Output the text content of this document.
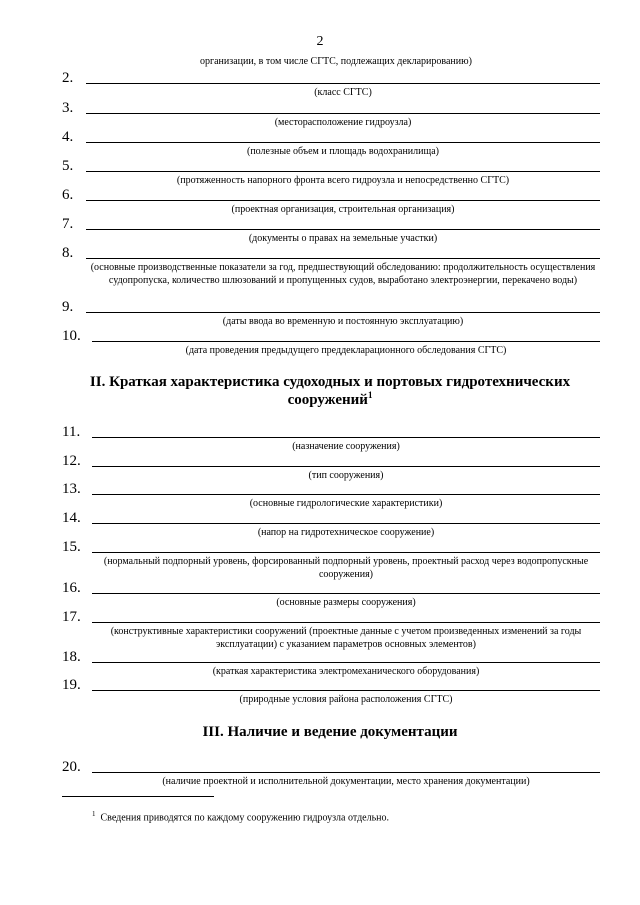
2
организации, в том числе СГТС, подлежащих декларированию)
2.
(класс СГТС)
3.
(месторасположение гидроузла)
4.
(полезные объем и площадь водохранилища)
5.
(протяженность напорного фронта всего гидроузла и непосредственно СГТС)
6.
(проектная организация, строительная организация)
7.
(документы о правах на земельные участки)
8.
(основные производственные показатели за год, предшествующий обследованию: продолжительность осуществления судопропуска, количество шлюзований и пропущенных судов, выработано электроэнергии, перекачено воды)
9.
(даты ввода во временную и постоянную эксплуатацию)
10.
(дата проведения предыдущего преддекларационного обследования СГТС)
II. Краткая характеристика судоходных и портовых гидротехнических
сооружений$^1$
11.
(назначение сооружения)
12.
(тип сооружения)
13.
(основные гидрологические характеристики)
14.
(напор на гидротехническое сооружение)
15.
(нормальный подпорный уровень, форсированный подпорный уровень, проектный расход через водопропускные сооружения)
16.
(основные размеры сооружения)
17.
(конструктивные характеристики сооружений (проектные данные с учетом произведенных изменений за годы эксплуатации) с указанием параметров основных элементов)
18.
(краткая характеристика электромеханического оборудования)
19.
(природные условия района расположения СГТС)
III. Наличие и ведение документации
20.
(наличие проектной и исполнительной документации, место хранения документации)
$^1$ Сведения приводятся по каждому сооружению гидроузла отдельно.
